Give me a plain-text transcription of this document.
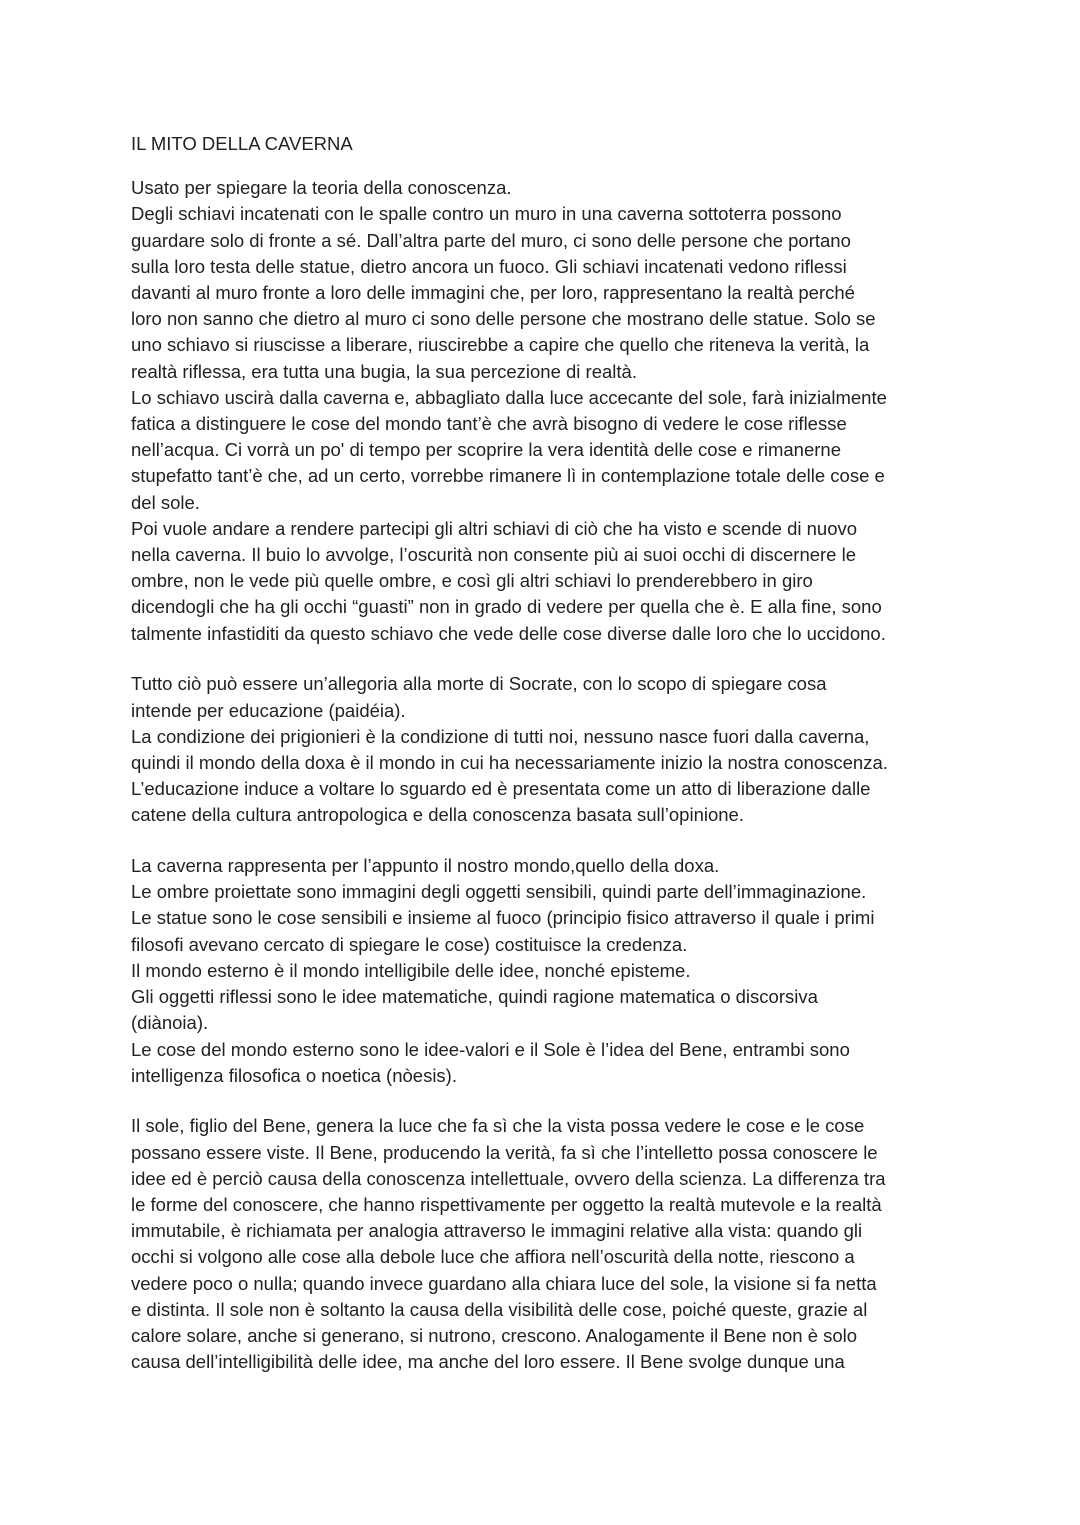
IL MITO DELLA CAVERNA
Usato per spiegare la teoria della conoscenza.
Degli schiavi incatenati con le spalle contro un muro in una caverna sottoterra possono
guardare solo di fronte a sé. Dall’altra parte del muro, ci sono delle persone che portano
sulla loro testa delle statue, dietro ancora un fuoco. Gli schiavi incatenati vedono riflessi
davanti al muro fronte a loro delle immagini che, per loro, rappresentano la realtà perché
loro non sanno che dietro al muro ci sono delle persone che mostrano delle statue. Solo se
uno schiavo si riuscisse a liberare, riuscirebbe a capire che quello che riteneva la verità, la
realtà riflessa, era tutta una bugia, la sua percezione di realtà.
Lo schiavo uscirà dalla caverna e, abbagliato dalla luce accecante del sole, farà inizialmente
fatica a distinguere le cose del mondo tant’è che avrà bisogno di vedere le cose riflesse
nell’acqua. Ci vorrà un po' di tempo per scoprire la vera identità delle cose e rimanerne
stupefatto tant’è che, ad un certo, vorrebbe rimanere lì in contemplazione totale delle cose e
del sole.
Poi vuole andare a rendere partecipi gli altri schiavi di ciò che ha visto e scende di nuovo
nella caverna. Il buio lo avvolge, l’oscurità non consente più ai suoi occhi di discernere le
ombre, non le vede più quelle ombre, e così gli altri schiavi lo prenderebbero in giro
dicendogli che ha gli occhi “guasti” non in grado di vedere per quella che è. E alla fine, sono
talmente infastiditi da questo schiavo che vede delle cose diverse dalle loro che lo uccidono.
Tutto ciò può essere un’allegoria alla morte di Socrate, con lo scopo di spiegare cosa
intende per educazione (paidéia).
La condizione dei prigionieri è la condizione di tutti noi, nessuno nasce fuori dalla caverna,
quindi il mondo della doxa è il mondo in cui ha necessariamente inizio la nostra conoscenza.
L’educazione induce a voltare lo sguardo ed è presentata come un atto di liberazione dalle
catene della cultura antropologica e della conoscenza basata sull’opinione.
La caverna rappresenta per l’appunto il nostro mondo,quello della doxa.
Le ombre proiettate sono immagini degli oggetti sensibili, quindi parte dell’immaginazione.
Le statue sono le cose sensibili e insieme al fuoco (principio fisico attraverso il quale i primi
filosofi avevano cercato di spiegare le cose) costituisce la credenza.
Il mondo esterno è il mondo intelligibile delle idee, nonché episteme.
Gli oggetti riflessi sono le idee matematiche, quindi ragione matematica o discorsiva
(diànoia).
Le cose del mondo esterno sono le idee-valori e il Sole è l’idea del Bene, entrambi sono
intelligenza filosofica o noetica (nòesis).
Il sole, figlio del Bene, genera la luce che fa sì che la vista possa vedere le cose e le cose
possano essere viste. Il Bene, producendo la verità, fa sì che l’intelletto possa conoscere le
idee ed è perciò causa della conoscenza intellettuale, ovvero della scienza. La differenza tra
le forme del conoscere, che hanno rispettivamente per oggetto la realtà mutevole e la realtà
immutabile, è richiamata per analogia attraverso le immagini relative alla vista: quando gli
occhi si volgono alle cose alla debole luce che affiora nell’oscurità della notte, riescono a
vedere poco o nulla; quando invece guardano alla chiara luce del sole, la visione si fa netta
e distinta. Il sole non è soltanto la causa della visibilità delle cose, poiché queste, grazie al
calore solare, anche si generano, si nutrono, crescono. Analogamente il Bene non è solo
causa dell’intelligibilità delle idee, ma anche del loro essere. Il Bene svolge dunque una
